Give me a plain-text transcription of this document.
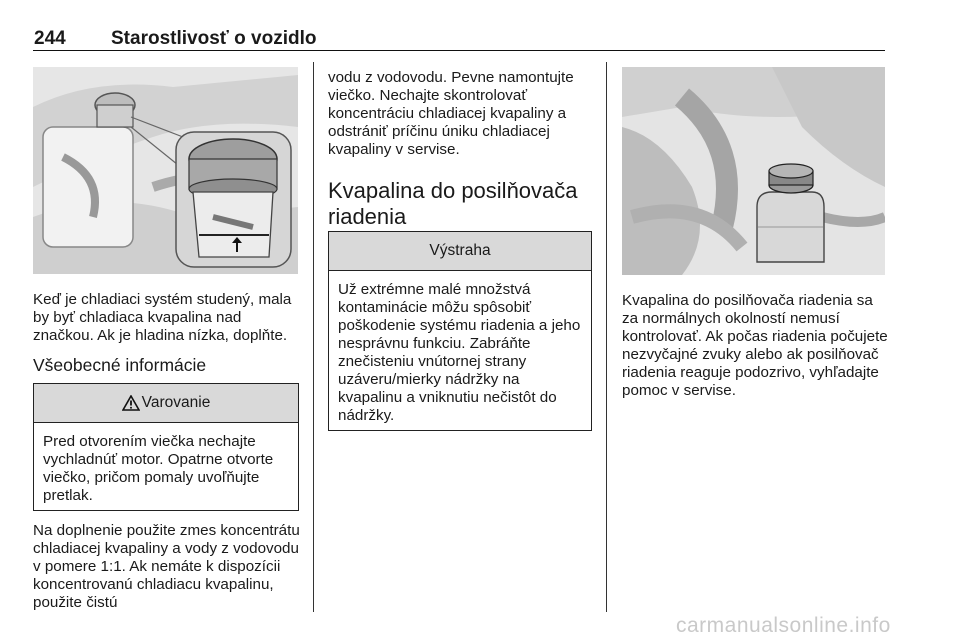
244 Starostlivosť o vozidlo

Keď je chladiaci systém studený, mala by byť chladiaca kvapalina nad značkou. Ak je hladina nízka, doplňte.

Všeobecné informácie
Varovanie
Pred otvorením viečka nechajte vychladnúť motor. Opatrne otvorte viečko, pričom pomaly uvoľňujte pretlak.

Na doplnenie použite zmes koncentrátu chladiacej kvapaliny a vody z vodovodu v pomere 1:1. Ak nemáte k dispozícii koncentrovanú chladiacu kvapalinu, použite čistú

vodu z vodovodu. Pevne namontujte viečko. Nechajte skontrolovať koncentráciu chladiacej kvapaliny a odstrániť príčinu úniku chladiacej kvapaliny v servise.

Kvapalina do posilňovača riadenia
Výstraha
Už extrémne malé množstvá kontaminácie môžu spôsobiť poškodenie systému riadenia a jeho nesprávnu funkciu. Zabráňte znečisteniu vnútornej strany uzáveru/mierky nádržky na kvapalinu a vniknutiu nečistôt do nádržky.

Kvapalina do posilňovača riadenia sa za normálnych okolností nemusí kontrolovať. Ak počas riadenia počujete nezvyčajné zvuky alebo ak posilňovač riadenia reaguje podozrivo, vyhľadajte pomoc v servise.

carmanualsonline.info
